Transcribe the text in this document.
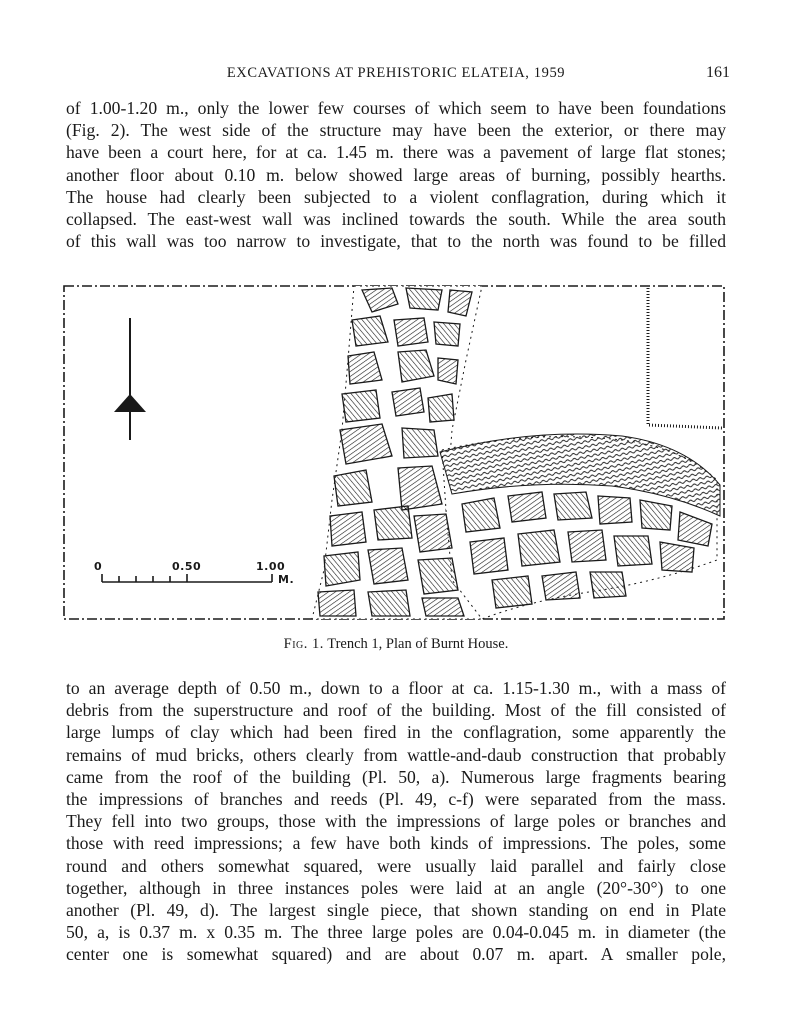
EXCAVATIONS AT PREHISTORIC ELATEIA, 1959	161
of 1.00-1.20 m., only the lower few courses of which seem to have been foundations
(Fig. 2). The west side of the structure may have been the exterior, or there may
have been a court here, for at ca. 1.45 m. there was a pavement of large flat stones;
another floor about 0.10 m. below showed large areas of burning, possibly hearths.
The house had clearly been subjected to a violent conflagration, during which it
collapsed. The east-west wall was inclined towards the south. While the area south
of this wall was too narrow to investigate, that to the north was found to be filled
0	0.50	1.00
M.
Fig. 1. Trench 1, Plan of Burnt House.
to an average depth of 0.50 m., down to a floor at ca. 1.15-1.30 m., with a mass of
debris from the superstructure and roof of the building. Most of the fill consisted of
large lumps of clay which had been fired in the conflagration, some apparently the
remains of mud bricks, others clearly from wattle-and-daub construction that probably
came from the roof of the building (Pl. 50, a). Numerous large fragments bearing
the impressions of branches and reeds (Pl. 49, c-f) were separated from the mass.
They fell into two groups, those with the impressions of large poles or branches and
those with reed impressions; a few have both kinds of impressions. The poles, some
round and others somewhat squared, were usually laid parallel and fairly close
together, although in three instances poles were laid at an angle (20°-30°) to one
another (Pl. 49, d). The largest single piece, that shown standing on end in Plate
50, a, is 0.37 m. x 0.35 m. The three large poles are 0.04-0.045 m. in diameter (the
center one is somewhat squared) and are about 0.07 m. apart. A smaller pole,
